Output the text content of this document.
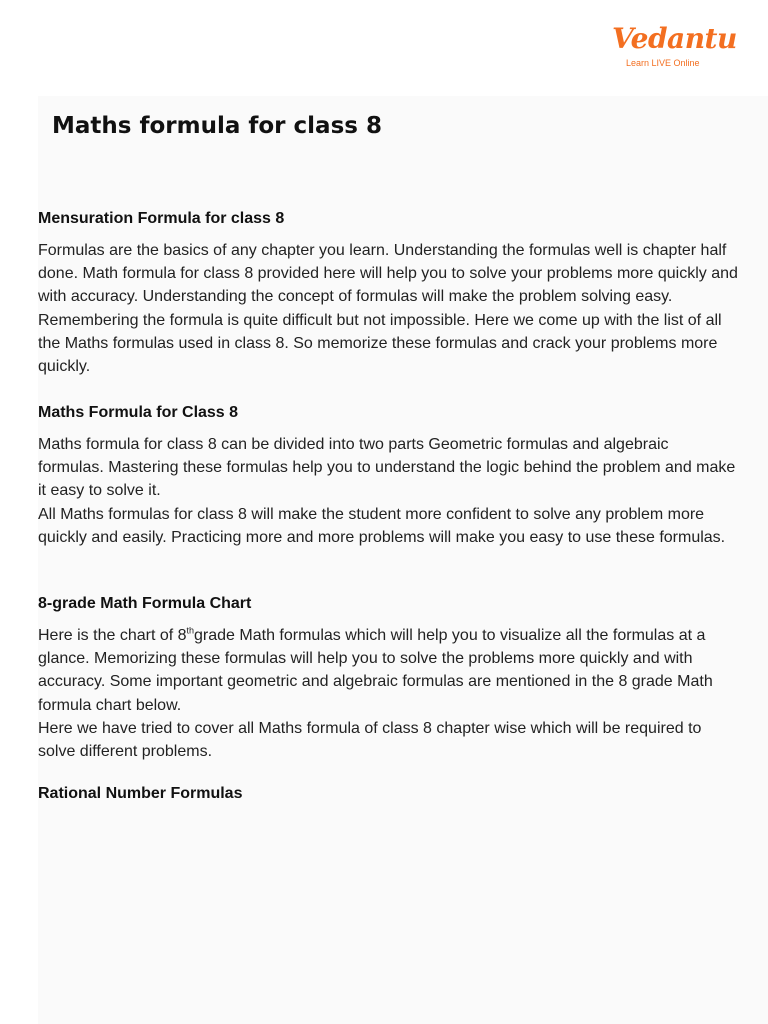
Vedantu
Learn LIVE Online
Maths formula for class 8
Mensuration Formula for class 8

Formulas are the basics of any chapter you learn. Understanding the formulas well is chapter half done. Math formula for class 8 provided here will help you to solve your problems more quickly and with accuracy. Understanding the concept of formulas will make the problem solving easy. Remembering the formula is quite difficult but not impossible. Here we come up with the list of all the Maths formulas used in class 8. So memorize these formulas and crack your problems more quickly.

Maths Formula for Class 8

Maths formula for class 8 can be divided into two parts Geometric formulas and algebraic formulas. Mastering these formulas help you to understand the logic behind the problem and make it easy to solve it.

All Maths formulas for class 8 will make the student more confident to solve any problem more quickly and easily. Practicing more and more problems will make you easy to use these formulas.

8-grade Math Formula Chart

Here is the chart of 8thgrade Math formulas which will help you to visualize all the formulas at a glance. Memorizing these formulas will help you to solve the problems more quickly and with accuracy. Some important geometric and algebraic formulas are mentioned in the 8 grade Math formula chart below.

Here we have tried to cover all Maths formula of class 8 chapter wise which will be required to solve different problems.

Rational Number Formulas
